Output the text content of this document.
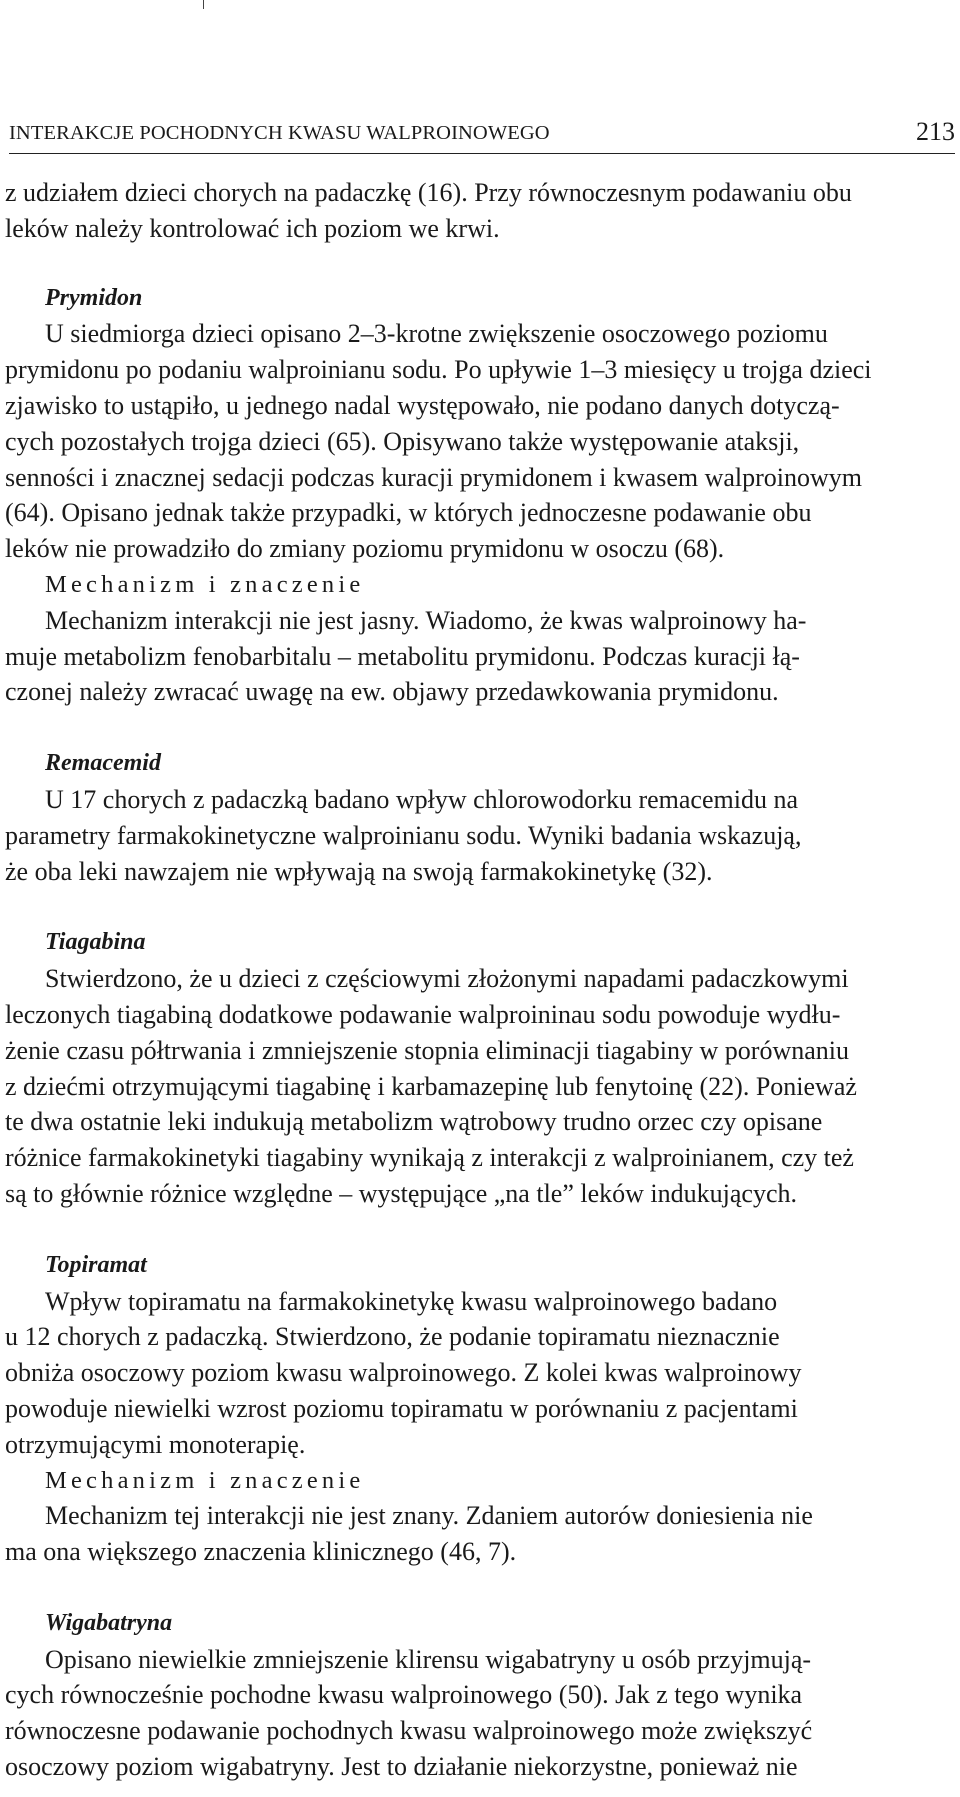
INTERAKCJE POCHODNYCH KWASU WALPROINOWEGO	213

z udziałem dzieci chorych na padaczkę (16). Przy równoczesnym podawaniu obu
leków należy kontrolować ich poziom we krwi.

Prymidon

U siedmiorga dzieci opisano 2–3-krotne zwiększenie osoczowego poziomu
prymidonu po podaniu walproinianu sodu. Po upływie 1–3 miesięcy u trojga dzieci
zjawisko to ustąpiło, u jednego nadal występowało, nie podano danych dotyczą-
cych pozostałych trojga dzieci (65). Opisywano także występowanie ataksji,
senności i znacznej sedacji podczas kuracji prymidonem i kwasem walproinowym
(64). Opisano jednak także przypadki, w których jednoczesne podawanie obu
leków nie prowadziło do zmiany poziomu prymidonu w osoczu (68).

Mechanizm i znaczenie

Mechanizm interakcji nie jest jasny. Wiadomo, że kwas walproinowy ha-
muje metabolizm fenobarbitalu – metabolitu prymidonu. Podczas kuracji łą-
czonej należy zwracać uwagę na ew. objawy przedawkowania prymidonu.

Remacemid

U 17 chorych z padaczką badano wpływ chlorowodorku remacemidu na
parametry farmakokinetyczne walproinianu sodu. Wyniki badania wskazują,
że oba leki nawzajem nie wpływają na swoją farmakokinetykę (32).

Tiagabina

Stwierdzono, że u dzieci z częściowymi złożonymi napadami padaczkowymi
leczonych tiagabiną dodatkowe podawanie walproininau sodu powoduje wydłu-
żenie czasu półtrwania i zmniejszenie stopnia eliminacji tiagabiny w porównaniu
z dziećmi otrzymującymi tiagabinę i karbamazepinę lub fenytoinę (22). Ponieważ
te dwa ostatnie leki indukują metabolizm wątrobowy trudno orzec czy opisane
różnice farmakokinetyki tiagabiny wynikają z interakcji z walproinianem, czy też
są to głównie różnice względne – występujące „na tle” leków indukujących.

Topiramat

Wpływ topiramatu na farmakokinetykę kwasu walproinowego badano
u 12 chorych z padaczką. Stwierdzono, że podanie topiramatu nieznacznie
obniża osoczowy poziom kwasu walproinowego. Z kolei kwas walproinowy
powoduje niewielki wzrost poziomu topiramatu w porównaniu z pacjentami
otrzymującymi monoterapię.

Mechanizm i znaczenie

Mechanizm tej interakcji nie jest znany. Zdaniem autorów doniesienia nie
ma ona większego znaczenia klinicznego (46, 7).

Wigabatryna

Opisano niewielkie zmniejszenie klirensu wigabatryny u osób przyjmują-
cych równocześnie pochodne kwasu walproinowego (50). Jak z tego wynika
równoczesne podawanie pochodnych kwasu walproinowego może zwiększyć
osoczowy poziom wigabatryny. Jest to działanie niekorzystne, ponieważ nie
